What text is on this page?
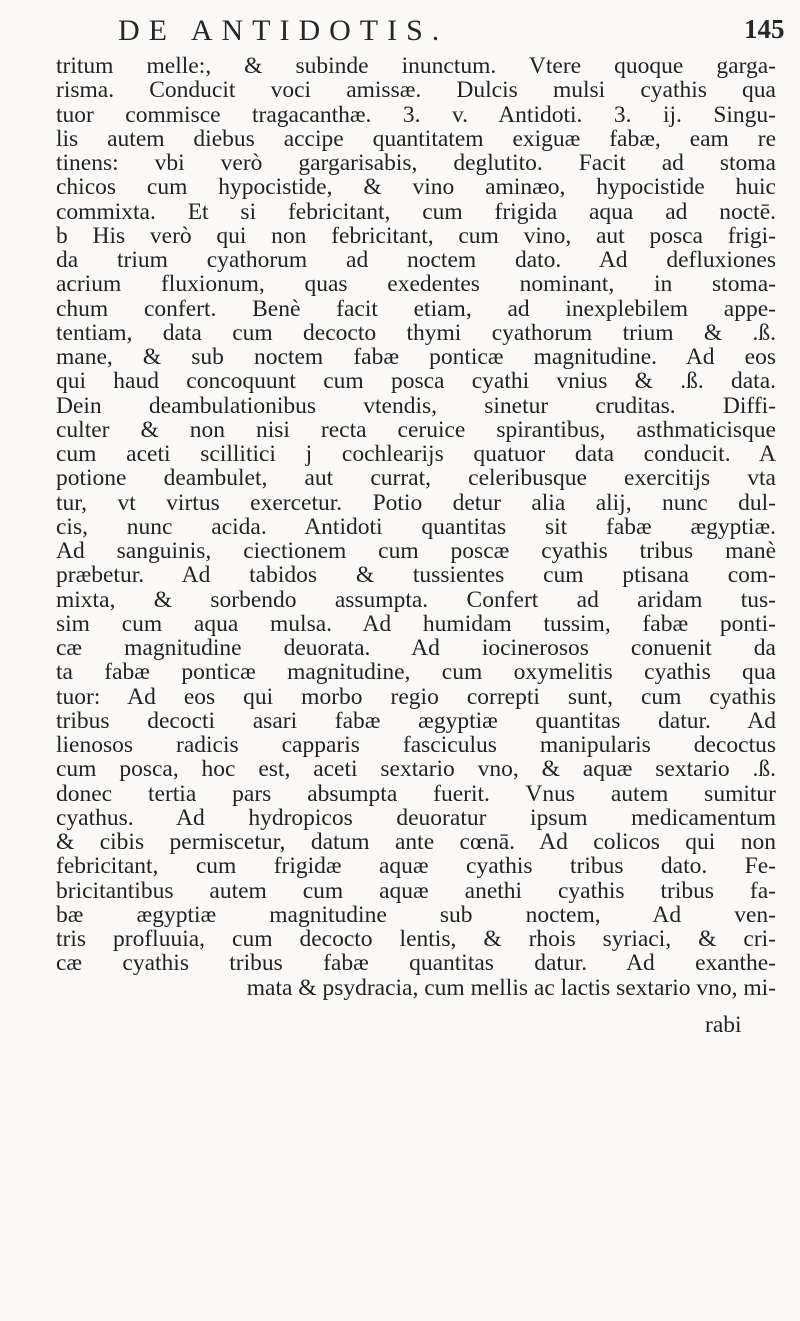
DE ANTIDOTIS.	145
tritum melle:, & subinde inunctum. Vtere quoque garga-
risma. Conducit voci amissæ. Dulcis mulsi cyathis qua
tuor commisce tragacanthæ. 3. v. Antidoti. 3. ij. Singu-
lis autem diebus accipe quantitatem exiguæ fabæ, eam re
tinens: vbi verò gargarisabis, deglutito. Facit ad stoma
chicos cum hypocistide, & vino aminæo, hypocistide huic
commixta. Et si febricitant, cum frigida aqua ad noctē.
b His verò qui non febricitant, cum vino, aut posca frigi-
da trium cyathorum ad noctem dato. Ad defluxiones
acrium fluxionum, quas exedentes nominant, in stoma-
chum confert. Benè facit etiam, ad inexplebilem appe-
tentiam, data cum decocto thymi cyathorum trium & .ß.
mane, & sub noctem fabæ ponticæ magnitudine. Ad eos
qui haud concoquunt cum posca cyathi vnius & .ß. data.
Dein deambulationibus vtendis, sinetur cruditas. Diffi-
culter & non nisi recta ceruice spirantibus, asthmaticisque
cum aceti scillitici j cochlearijs quatuor data conducit. A
potione deambulet, aut currat, celeribusque exercitijs vta
tur, vt virtus exercetur. Potio detur alia alij, nunc dul-
cis, nunc acida. Antidoti quantitas sit fabæ ægyptiæ.
Ad sanguinis, ciectionem cum poscæ cyathis tribus manè
præbetur. Ad tabidos & tussientes cum ptisana com-
mixta, & sorbendo assumpta. Confert ad aridam tus-
sim cum aqua mulsa. Ad humidam tussim, fabæ ponti-
cæ magnitudine deuorata. Ad iocinerosos conuenit da
ta fabæ ponticæ magnitudine, cum oxymelitis cyathis qua
tuor: Ad eos qui morbo regio correpti sunt, cum cyathis
tribus decocti asari fabæ ægyptiæ quantitas datur. Ad
lienosos radicis capparis fasciculus manipularis decoctus
cum posca, hoc est, aceti sextario vno, & aquæ sextario .ß.
donec tertia pars absumpta fuerit. Vnus autem sumitur
cyathus. Ad hydropicos deuoratur ipsum medicamentum
& cibis permiscetur, datum ante cœnā. Ad colicos qui non
febricitant, cum frigidæ aquæ cyathis tribus dato. Fe-
bricitantibus autem cum aquæ anethi cyathis tribus fa-
bæ ægyptiæ magnitudine sub noctem, Ad ven-
tris profluuia, cum decocto lentis, & rhois syriaci, & cri-
cæ cyathis tribus fabæ quantitas datur. Ad exanthe-
mata & psydracia, cum mellis ac lactis sextario vno, mi-
rabi
